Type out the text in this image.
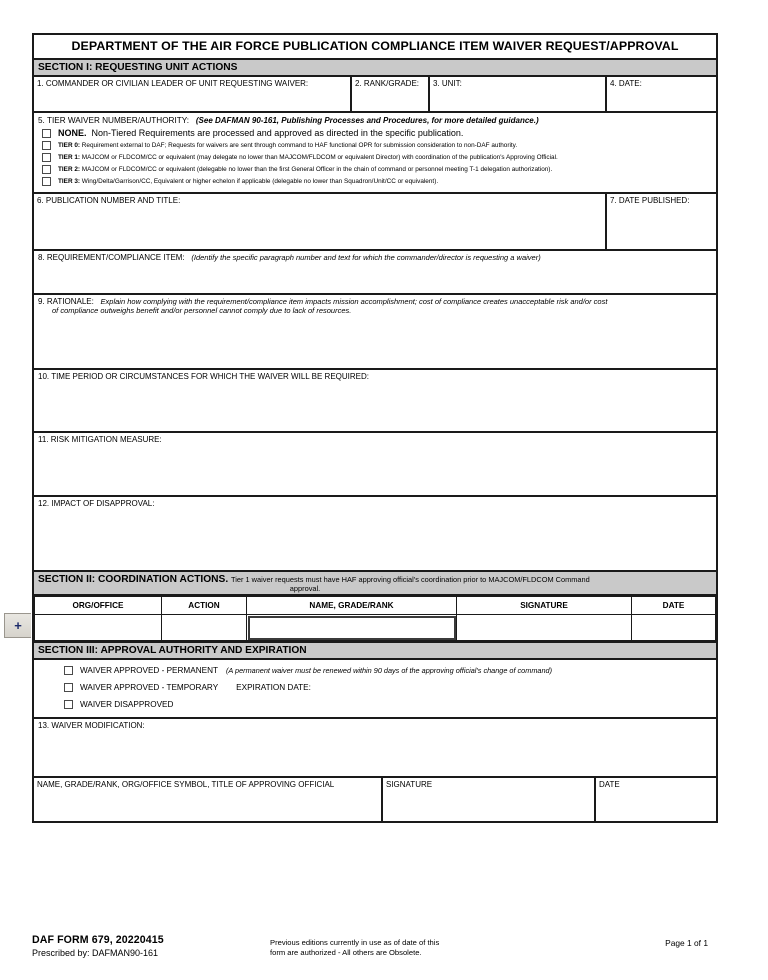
+
DEPARTMENT OF THE AIR FORCE PUBLICATION COMPLIANCE ITEM WAIVER REQUEST/APPROVAL
SECTION I: REQUESTING UNIT ACTIONS
1. COMMANDER OR CIVILIAN LEADER OF UNIT REQUESTING WAIVER:	2. RANK/GRADE:	3. UNIT:	4. DATE:
5. TIER WAIVER NUMBER/AUTHORITY: (See DAFMAN 90-161, Publishing Processes and Procedures, for more detailed guidance.)
NONE. Non-Tiered Requirements are processed and approved as directed in the specific publication.
TIER 0: Requirement external to DAF; Requests for waivers are sent through command to HAF functional OPR for submission consideration to non-DAF authority.
TIER 1: MAJCOM or FLDCOM/CC or equivalent (may delegate no lower than MAJCOM/FLDCOM or equivalent Director) with coordination of the publication's Approving Official.
TIER 2: MAJCOM or FLDCOM/CC or equivalent (delegable no lower than the first General Officer in the chain of command or personnel meeting T-1 delegation authorization).
TIER 3: Wing/Delta/Garrison/CC, Equivalent or higher echelon if applicable (delegable no lower than Squadron/Unit/CC or equivalent).
6. PUBLICATION NUMBER AND TITLE:	7. DATE PUBLISHED:
8. REQUIREMENT/COMPLIANCE ITEM: (Identify the specific paragraph number and text for which the commander/director is requesting a waiver)
9. RATIONALE: Explain how complying with the requirement/compliance item impacts mission accomplishment; cost of compliance creates unacceptable risk and/or cost
of compliance outweighs benefit and/or personnel cannot comply due to lack of resources.
10. TIME PERIOD OR CIRCUMSTANCES FOR WHICH THE WAIVER WILL BE REQUIRED:
11. RISK MITIGATION MEASURE:
12. IMPACT OF DISAPPROVAL:
SECTION II: COORDINATION ACTIONS. Tier 1 waiver requests must have HAF approving official's coordination prior to MAJCOM/FLDCOM Command
approval.
ORG/OFFICE	ACTION	NAME, GRADE/RANK	SIGNATURE	DATE

SECTION III: APPROVAL AUTHORITY AND EXPIRATION
WAIVER APPROVED - PERMANENT (A permanent waiver must be renewed within 90 days of the approving official's change of command)
WAIVER APPROVED - TEMPORARY EXPIRATION DATE:
WAIVER DISAPPROVED
13. WAIVER MODIFICATION:
NAME, GRADE/RANK, ORG/OFFICE SYMBOL, TITLE OF APPROVING OFFICIAL	SIGNATURE	DATE
DAF FORM 679, 20220415
Prescribed by: DAFMAN90-161
Previous editions currently in use as of date of this
form are authorized - All others are Obsolete.
Page 1 of 1
